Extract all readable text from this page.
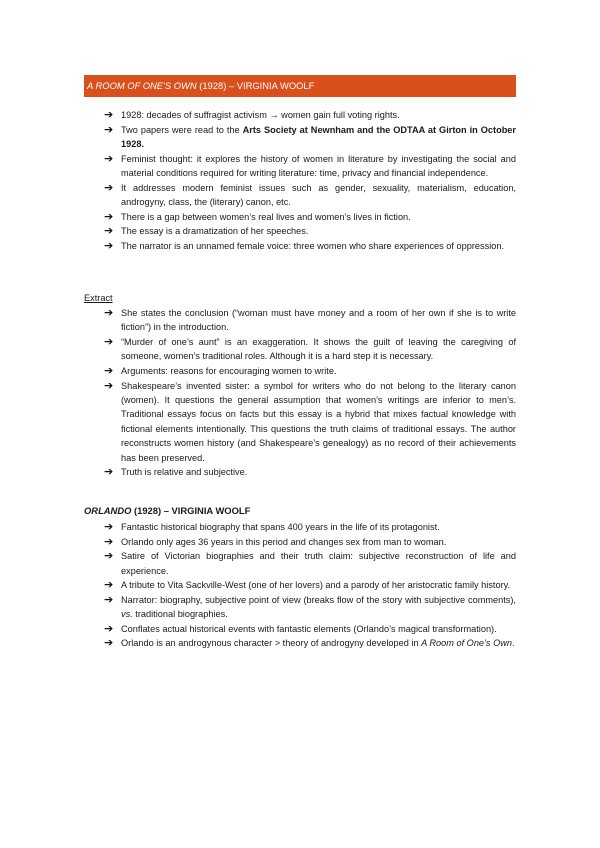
A ROOM OF ONE'S OWN (1928) – VIRGINIA WOOLF
➔ 1928: decades of suffragist activism → women gain full voting rights.
➔ Two papers were read to the Arts Society at Newnham and the ODTAA at Girton in October 1928.
➔ Feminist thought: it explores the history of women in literature by investigating the social and material conditions required for writing literature: time, privacy and financial independence.
➔ It addresses modern feminist issues such as gender, sexuality, materialism, education, androgyny, class, the (literary) canon, etc.
➔ There is a gap between women’s real lives and women’s lives in fiction.
➔ The essay is a dramatization of her speeches.
➔ The narrator is an unnamed female voice: three women who share experiences of oppression.
Extract
➔ She states the conclusion (“woman must have money and a room of her own if she is to write fiction”) in the introduction.
➔ “Murder of one’s aunt” is an exaggeration. It shows the guilt of leaving the caregiving of someone, women’s traditional roles. Although it is a hard step it is necessary.
➔ Arguments: reasons for encouraging women to write.
➔ Shakespeare’s invented sister: a symbol for writers who do not belong to the literary canon (women). It questions the general assumption that women’s writings are inferior to men’s. Traditional essays focus on facts but this essay is a hybrid that mixes factual knowledge with fictional elements intentionally. This questions the truth claims of traditional essays. The author reconstructs women history (and Shakespeare’s genealogy) as no record of their achievements has been preserved.
➔ Truth is relative and subjective.
ORLANDO (1928) – VIRGINIA WOOLF
➔ Fantastic historical biography that spans 400 years in the life of its protagonist.
➔ Orlando only ages 36 years in this period and changes sex from man to woman.
➔ Satire of Victorian biographies and their truth claim: subjective reconstruction of life and experience.
➔ A tribute to Vita Sackville-West (one of her lovers) and a parody of her aristocratic family history.
➔ Narrator: biography, subjective point of view (breaks flow of the story with subjective comments), vs. traditional biographies.
➔ Conflates actual historical events with fantastic elements (Orlando’s magical transformation).
➔ Orlando is an androgynous character > theory of androgyny developed in A Room of One’s Own.
